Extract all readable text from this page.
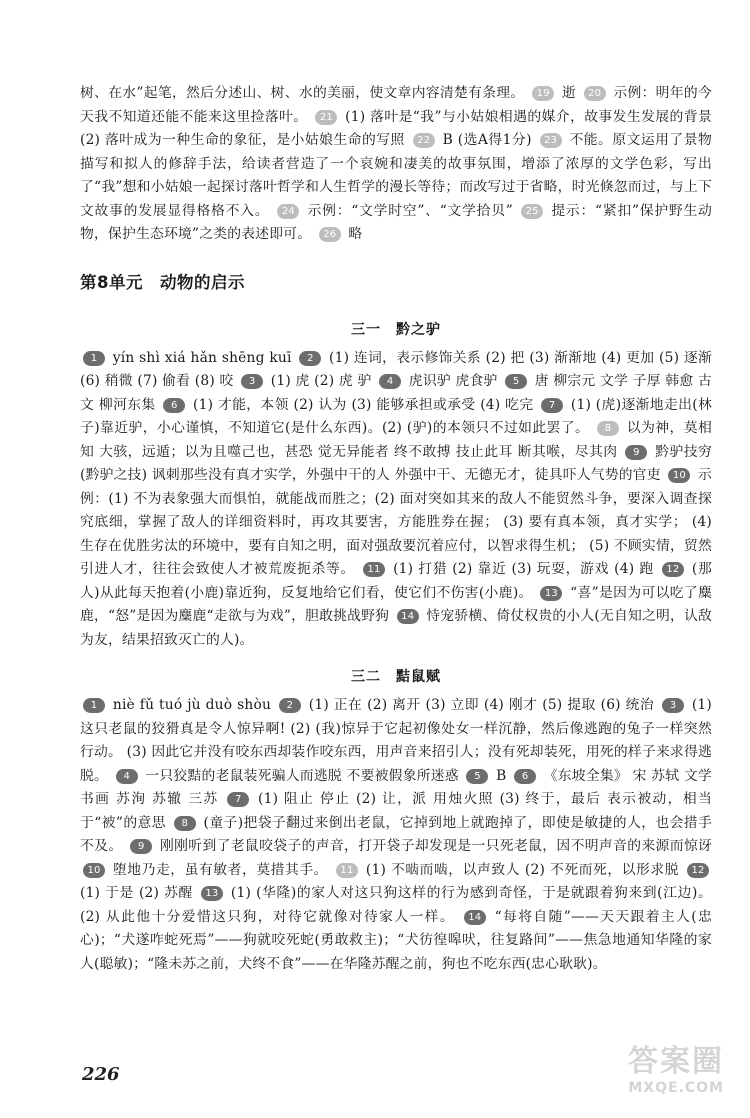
树、在水”起笔，然后分述山、树、水的美丽，使文章内容清楚有条理。 19 逝 20 示例：明年的今天我不知道还能不能来这里捡落叶。 21 (1) 落叶是“我”与小姑娘相遇的媒介，故事发生发展的背景 (2) 落叶成为一种生命的象征，是小姑娘生命的写照 22 B (选A得1分) 23 不能。原文运用了景物描写和拟人的修辞手法，给读者营造了一个哀婉和凄美的故事氛围，增添了浓厚的文学色彩，写出了“我”想和小姑娘一起探讨落叶哲学和人生哲学的漫长等待；而改写过于省略，时光倏忽而过，与上下文故事的发展显得格格不入。 24 示例：“文学时空”、“文学拾贝” 25 提示：“紧扣”保护野生动物，保护生态环境”之类的表述即可。 26 略

第8单元　动物的启示
三一　黔之驴

1 yín shì xiá hǎn shēng kuī 2 (1) 连词，表示修饰关系 (2) 把 (3) 渐渐地 (4) 更加 (5) 逐渐 (6) 稍微 (7) 偷看 (8) 咬 3 (1) 虎 (2) 虎 驴 4 虎识驴 虎食驴 5 唐 柳宗元 文学 子厚 韩愈 古文 柳河东集 6 (1) 才能，本领 (2) 认为 (3) 能够承担或承受 (4) 吃完 7 (1) (虎)逐渐地走出(林子)靠近驴，小心谨慎，不知道它(是什么东西)。(2) (驴)的本领只不过如此罢了。 8 以为神，莫相知 大骇，远遁；以为且噬己也，甚恐 觉无异能者 终不敢搏 技止此耳 断其喉，尽其肉 9 黔驴技穷(黔驴之技) 讽刺那些没有真才实学，外强中干的人 外强中干、无德无才，徒具吓人气势的官吏 10 示例：(1) 不为表象强大而惧怕，就能战而胜之；(2) 面对突如其来的敌人不能贸然斗争，要深入调查探究底细，掌握了敌人的详细资料时，再攻其要害，方能胜券在握； (3) 要有真本领，真才实学； (4) 生存在优胜劣汰的环境中，要有自知之明，面对强敌要沉着应付，以智求得生机； (5) 不顾实情，贸然引进人才，往往会致使人才被荒废扼杀等。 11 (1) 打猎 (2) 靠近 (3) 玩耍，游戏 (4) 跑 12 (那人)从此每天抱着(小鹿)靠近狗，反复地给它们看，使它们不伤害(小鹿)。 13 “喜”是因为可以吃了麋鹿，“怒”是因为麋鹿“走欲与为戏”，胆敢挑战野狗 14 恃宠骄横、倚仗权贵的小人(无自知之明，认敌为友，结果招致灭亡的人)。

三二　黠鼠赋

1 niè fǔ tuó jù duò shòu 2 (1) 正在 (2) 离开 (3) 立即 (4) 刚才 (5) 提取 (6) 统治 3 (1) 这只老鼠的狡猾真是令人惊异啊! (2) (我)惊异于它起初像处女一样沉静，然后像逃跑的兔子一样突然行动。 (3) 因此它并没有咬东西却装作咬东西，用声音来招引人；没有死却装死，用死的样子来求得逃脱。 4 一只狡黠的老鼠装死骗人而逃脱 不要被假象所迷惑 5 B 6 《东坡全集》 宋 苏轼 文学 书画 苏洵 苏辙 三苏 7 (1) 阻止 停止 (2) 让，派 用烛火照 (3) 终于，最后 表示被动，相当于“被”的意思 8 (童子)把袋子翻过来倒出老鼠，它掉到地上就跑掉了，即使是敏捷的人，也会措手不及。 9 刚刚听到了老鼠咬袋子的声音，打开袋子却发现是一只死老鼠，因不明声音的来源而惊讶 10 堕地乃走，虽有敏者，莫措其手。 11 (1) 不啮而啮，以声致人 (2) 不死而死，以形求脱 12 (1) 于是 (2) 苏醒 13 (1) (华隆)的家人对这只狗这样的行为感到奇怪，于是就跟着狗来到(江边)。 (2) 从此他十分爱惜这只狗，对待它就像对待家人一样。 14 “每将自随”——天天跟着主人(忠心)；“犬遂咋蛇死焉”——狗就咬死蛇(勇敢救主)；“犬彷徨嗥吠，往复路间”——焦急地通知华隆的家人(聪敏)；“隆未苏之前，犬终不食”——在华隆苏醒之前，狗也不吃东西(忠心耿耿)。

226	答案圈
MXQE.COM
